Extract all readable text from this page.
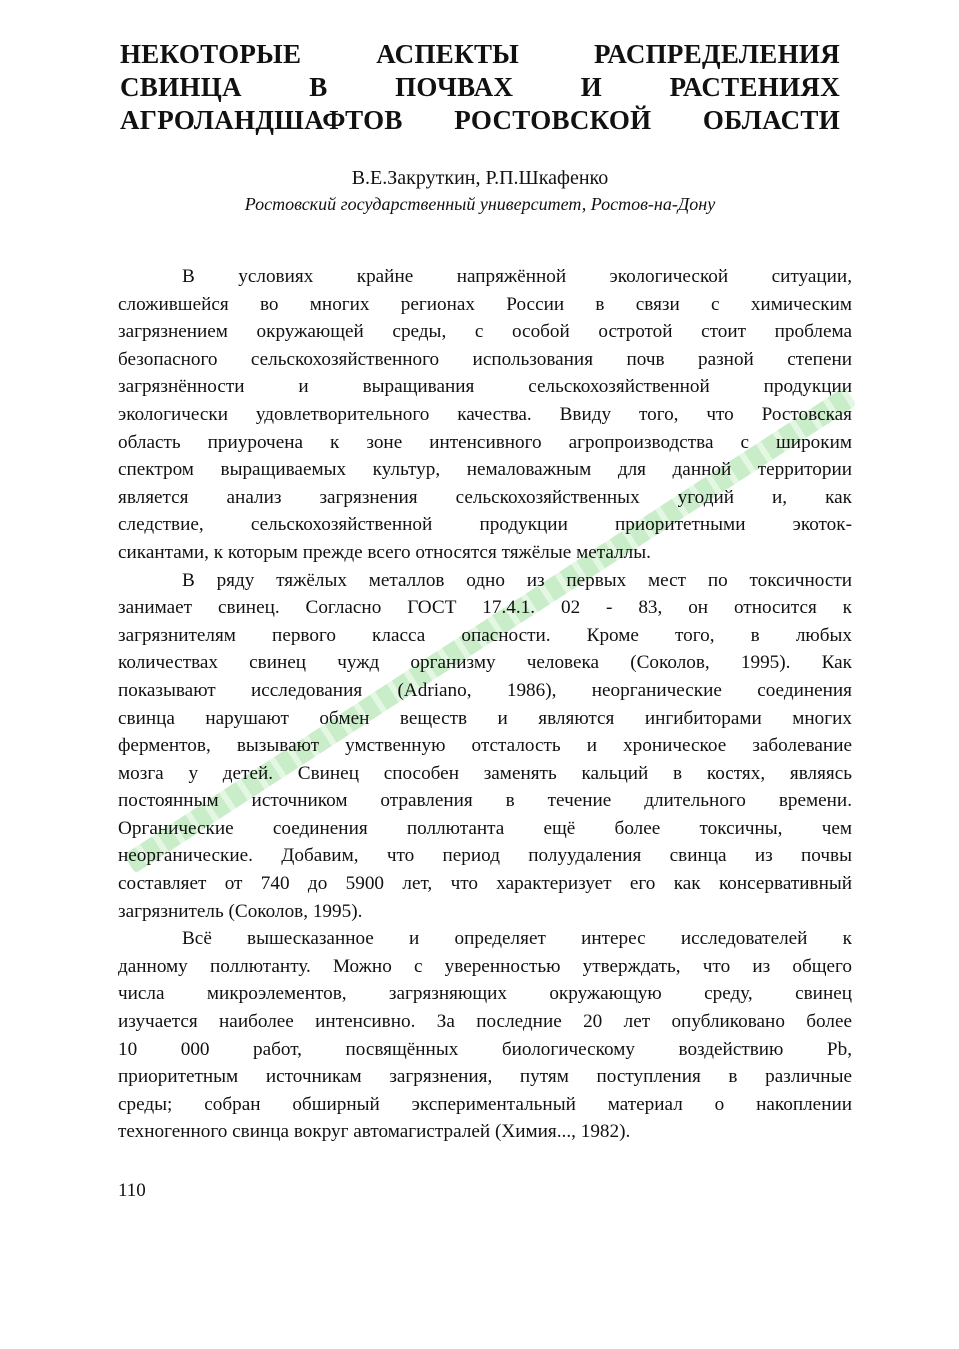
НЕКОТОРЫЕ АСПЕКТЫ РАСПРЕДЕЛЕНИЯ
СВИНЦА В ПОЧВАХ И РАСТЕНИЯХ
АГРОЛАНДШАФТОВ РОСТОВСКОЙ ОБЛАСТИ
В.Е.Закруткин, Р.П.Шкафенко
Ростовский государственный университет, Ростов-на-Дону
В условиях крайне напряжённой экологической ситуации,
сложившейся во многих регионах России в связи с химическим
загрязнением окружающей среды, с особой остротой стоит проблема
безопасного сельскохозяйственного использования почв разной степени
загрязнённости и выращивания сельскохозяйственной продукции
экологически удовлетворительного качества. Ввиду того, что Ростовская
область приурочена к зоне интенсивного агропроизводства с широким
спектром выращиваемых культур, немаловажным для данной территории
является анализ загрязнения сельскохозяйственных угодий и, как
следствие, сельскохозяйственной продукции приоритетными экоток-
сикантами, к которым прежде всего относятся тяжёлые металлы.
В ряду тяжёлых металлов одно из первых мест по токсичности
занимает свинец. Согласно ГОСТ 17.4.1. 02 - 83, он относится к
загрязнителям первого класса опасности. Кроме того, в любых
количествах свинец чужд организму человека (Соколов, 1995). Как
показывают исследования (Adriano, 1986), неорганические соединения
свинца нарушают обмен веществ и являются ингибиторами многих
ферментов, вызывают умственную отсталость и хроническое заболевание
мозга у детей. Свинец способен заменять кальций в костях, являясь
постоянным источником отравления в течение длительного времени.
Органические соединения поллютанта ещё более токсичны, чем
неорганические. Добавим, что период полуудаления свинца из почвы
составляет от 740 до 5900 лет, что характеризует его как консервативный
загрязнитель (Соколов, 1995).
Всё вышесказанное и определяет интерес исследователей к
данному поллютанту. Можно с уверенностью утверждать, что из общего
числа микроэлементов, загрязняющих окружающую среду, свинец
изучается наиболее интенсивно. За последние 20 лет опубликовано более
10 000 работ, посвящённых биологическому воздействию Pb,
приоритетным источникам загрязнения, путям поступления в различные
среды; собран обширный экспериментальный материал о накоплении
техногенного свинца вокруг автомагистралей (Химия..., 1982).
110
